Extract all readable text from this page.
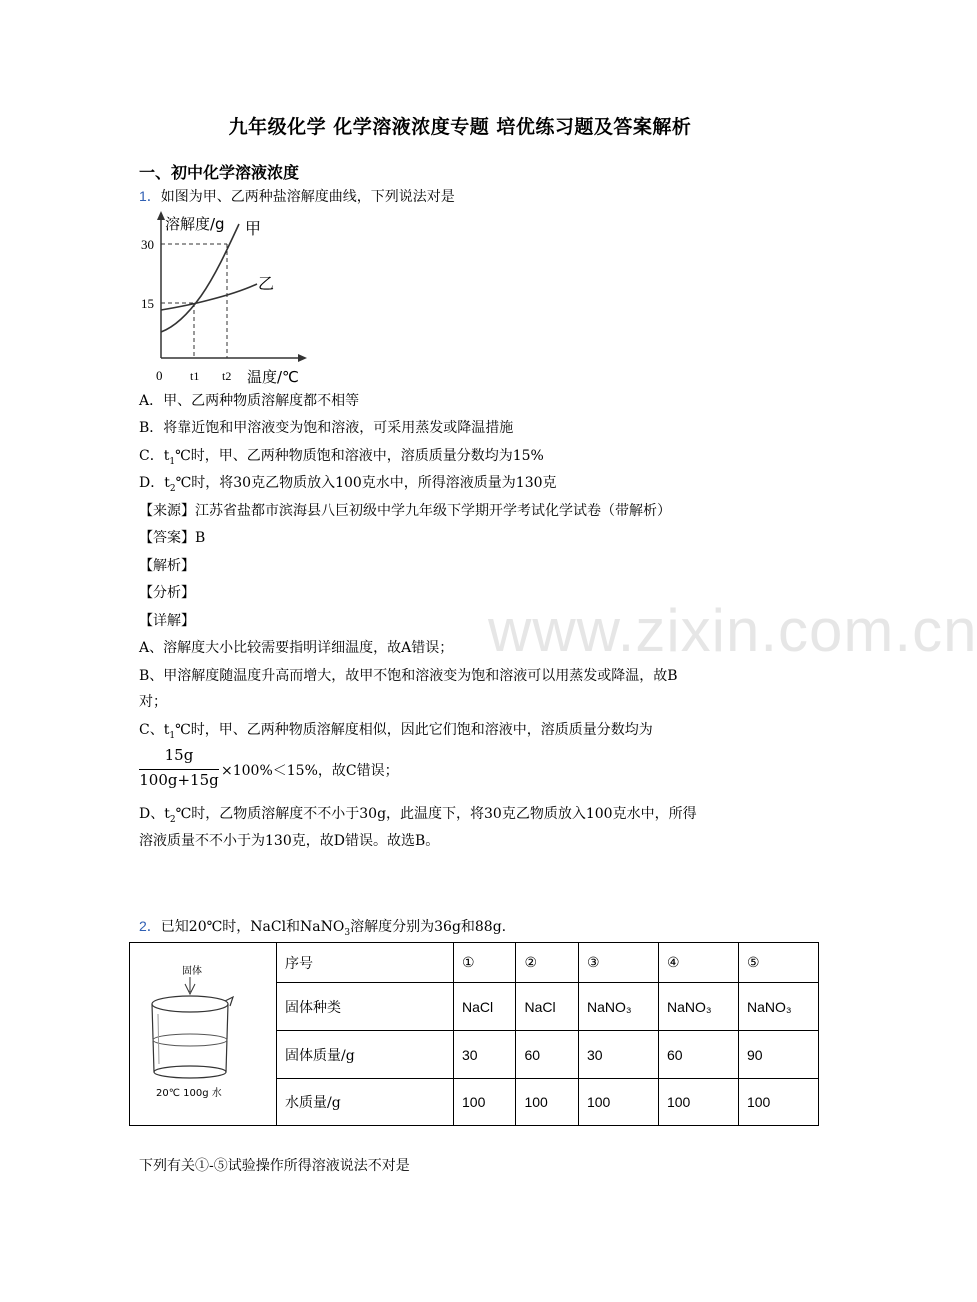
九年级化学 化学溶液浓度专题 培优练习题及答案解析
一、初中化学溶液浓度
1．如图为甲、乙两种盐溶解度曲线，下列说法对是
溶解度/g 甲
乙
30
15
0 t1 t2 温度/℃
A．甲、乙两种物质溶解度都不相等
B．将靠近饱和甲溶液变为饱和溶液，可采用蒸发或降温措施
C．$t_1℃$时，甲、乙两种物质饱和溶液中，溶质质量分数均为15%
D．$t_2℃$时，将30克乙物质放入100克水中，所得溶液质量为130克
【来源】江苏省盐都市滨海县八巨初级中学九年级下学期开学考试化学试卷（带解析）
【答案】B
【解析】
【分析】
【详解】
A、溶解度大小比较需要指明详细温度，故A错误；
B、甲溶解度随温度升高而增大，故甲不饱和溶液变为饱和溶液可以用蒸发或降温，故B
对；
C、$t_1℃$时，甲、乙两种物质溶解度相似，因此它们饱和溶液中，溶质质量分数均为
15g
100g+15g ×100%＜15%，故C错误；
D、$t_2℃$时，乙物质溶解度不不小于30g，此温度下，将30克乙物质放入100克水中，所得
溶液质量不不小于为130克，故D错误。故选B。
www.zixin.com.cn
2．已知20℃时，NaCl和NaNO$_3$溶解度分别为36g和88g.
固体
20℃ 100g 水	序号	①	②	③	④	⑤
	固体种类	NaCl	NaCl	NaNO₃	NaNO₃	NaNO₃
	固体质量/g	30	60	30	60	90
	水质量/g	100	100	100	100	100
下列有关①-⑤试验操作所得溶液说法不对是
